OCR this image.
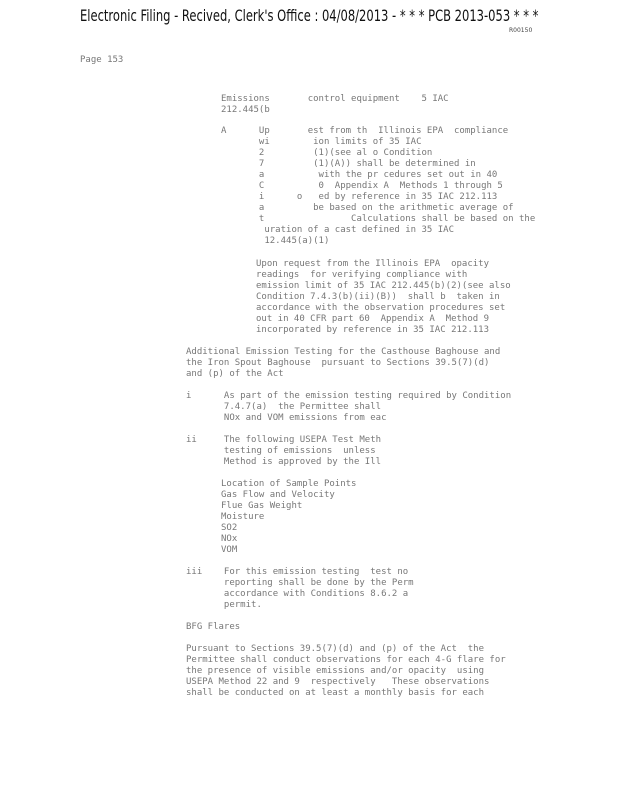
Electronic Filing - Recived, Clerk's Office : 04/08/2013 - * * * PCB 2013-053 * * *
R00150
Page 153
Emissions       control equipment    5 IAC
212.445(b
A      Up       est from th  Illinois EPA  compliance
wi        ion limits of 35 IAC
2         (1)(see al o Condition
7         (1)(A)) shall be determined in
a          with the pr cedures set out in 40
C          0  Appendix A  Methods 1 through 5
i      o   ed by reference in 35 IAC 212.113
a         be based on the arithmetic average of
t                Calculations shall be based on the
uration of a cast defined in 35 IAC
12.445(a)(1)
Upon request from the Illinois EPA  opacity
readings  for verifying compliance with
emission limit of 35 IAC 212.445(b)(2)(see also
Condition 7.4.3(b)(ii)(B))  shall b  taken in
accordance with the observation procedures set
out in 40 CFR part 60  Appendix A  Method 9
incorporated by reference in 35 IAC 212.113
Additional Emission Testing for the Casthouse Baghouse and
the Iron Spout Baghouse  pursuant to Sections 39.5(7)(d)
and (p) of the Act
i      As part of the emission testing required by Condition
7.4.7(a)  the Permittee shall
NOx and VOM emissions from eac
ii     The following USEPA Test Meth
testing of emissions  unless
Method is approved by the Ill
Location of Sample Points
Gas Flow and Velocity
Flue Gas Weight
Moisture
SO2
NOx
VOM
iii    For this emission testing  test no
reporting shall be done by the Perm
accordance with Conditions 8.6.2 a
permit.
BFG Flares
Pursuant to Sections 39.5(7)(d) and (p) of the Act  the
Permittee shall conduct observations for each 4-G flare for
the presence of visible emissions and/or opacity  using
USEPA Method 22 and 9  respectively   These observations
shall be conducted on at least a monthly basis for each
